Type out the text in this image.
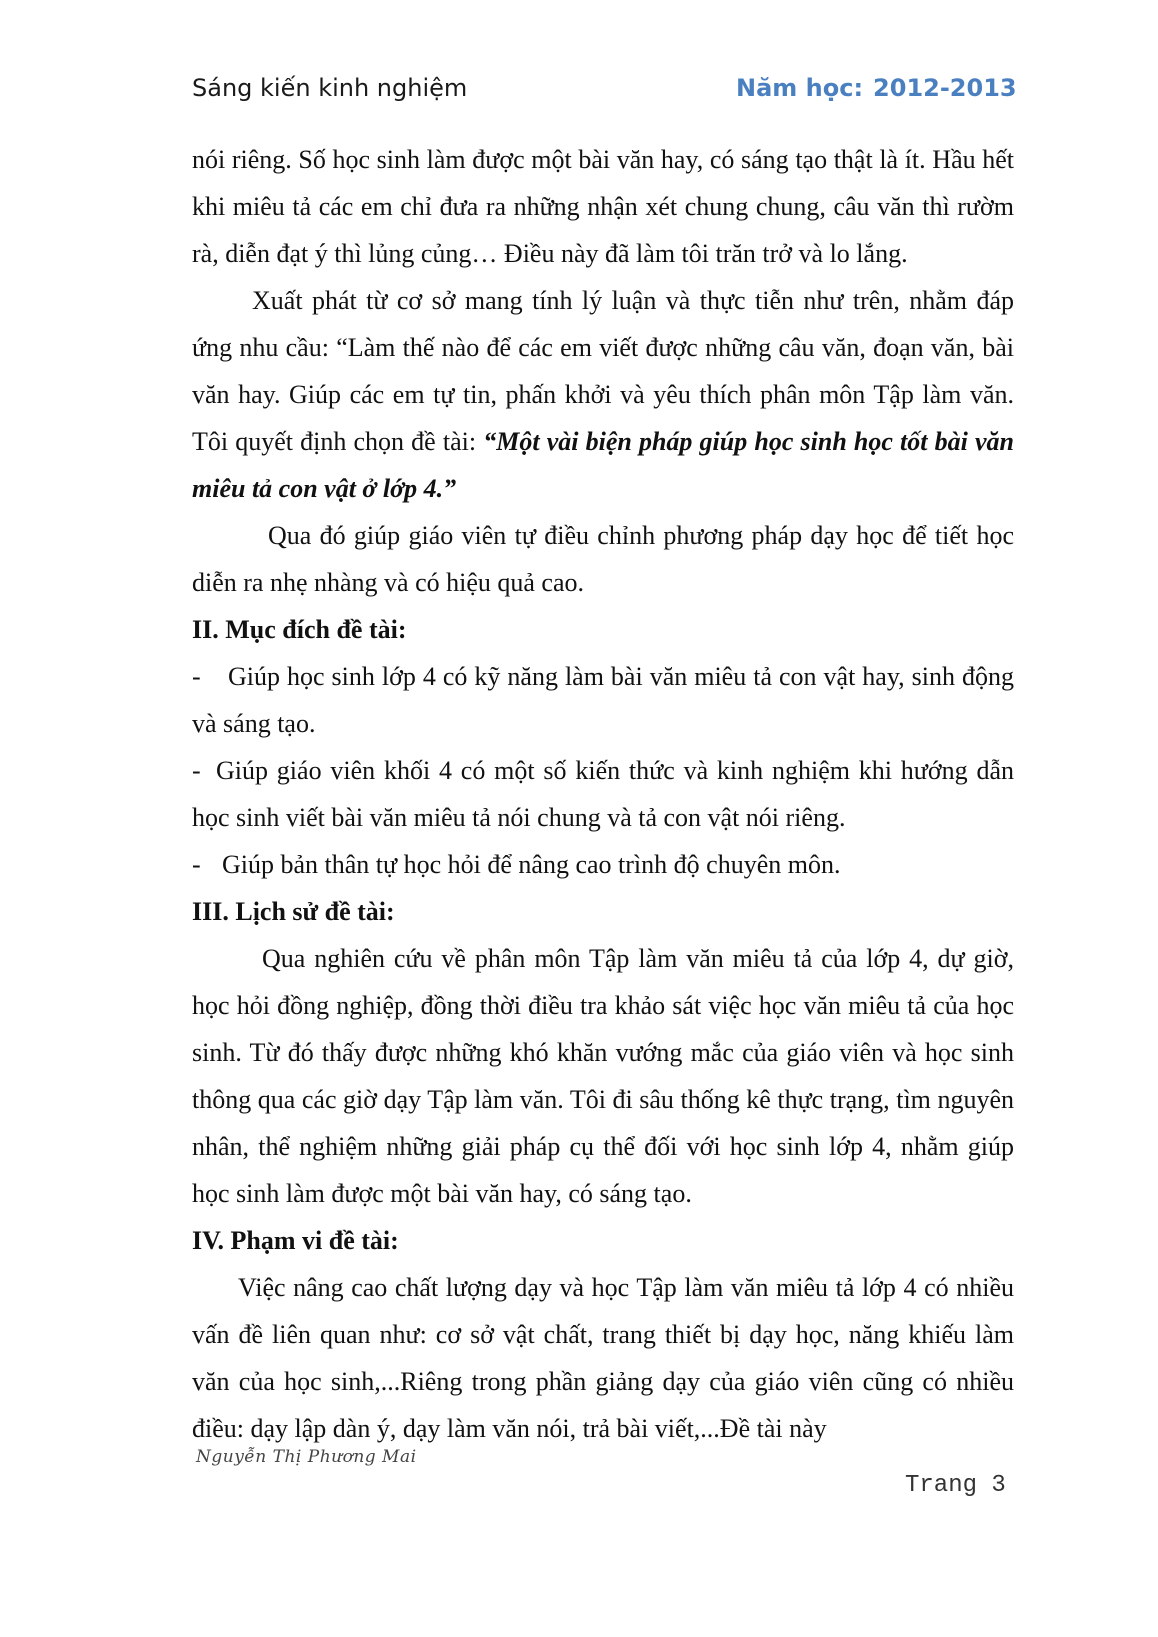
Sáng kiến kinh nghiệm	Năm học: 2012-2013

nói riêng. Số học sinh làm được một bài văn hay, có sáng tạo thật là ít. Hầu hết khi miêu tả các em chỉ đưa ra những nhận xét chung chung, câu văn thì rườm rà, diễn đạt ý thì lủng củng… Điều này đã làm tôi trăn trở và lo lắng.

Xuất phát từ cơ sở mang tính lý luận và thực tiễn như trên, nhằm đáp ứng nhu cầu: “Làm thế nào để các em viết được những câu văn, đoạn văn, bài văn hay. Giúp các em tự tin, phấn khởi và yêu thích phân môn Tập làm văn. Tôi quyết định chọn đề tài: “Một vài biện pháp giúp học sinh học tốt bài văn miêu tả con vật ở lớp 4.”

Qua đó giúp giáo viên tự điều chỉnh phương pháp dạy học để tiết học diễn ra nhẹ nhàng và có hiệu quả cao.

II. Mục đích đề tài:

- Giúp học sinh lớp 4 có kỹ năng làm bài văn miêu tả con vật hay, sinh động và sáng tạo.

- Giúp giáo viên khối 4 có một số kiến thức và kinh nghiệm khi hướng dẫn học sinh viết bài văn miêu tả nói chung và tả con vật nói riêng.

- Giúp bản thân tự học hỏi để nâng cao trình độ chuyên môn.

III. Lịch sử đề tài:

Qua nghiên cứu về phân môn Tập làm văn miêu tả của lớp 4, dự giờ, học hỏi đồng nghiệp, đồng thời điều tra khảo sát việc học văn miêu tả của học sinh. Từ đó thấy được những khó khăn vướng mắc của giáo viên và học sinh thông qua các giờ dạy Tập làm văn. Tôi đi sâu thống kê thực trạng, tìm nguyên nhân, thể nghiệm những giải pháp cụ thể đối với học sinh lớp 4, nhằm giúp học sinh làm được một bài văn hay, có sáng tạo.

IV. Phạm vi đề tài:

Việc nâng cao chất lượng dạy và học Tập làm văn miêu tả lớp 4 có nhiều vấn đề liên quan như: cơ sở vật chất, trang thiết bị dạy học, năng khiếu làm văn của học sinh,...Riêng trong phần giảng dạy của giáo viên cũng có nhiều điều: dạy lập dàn ý, dạy làm văn nói, trả bài viết,...Đề tài này

Nguyễn Thị Phương Mai
Trang 3
